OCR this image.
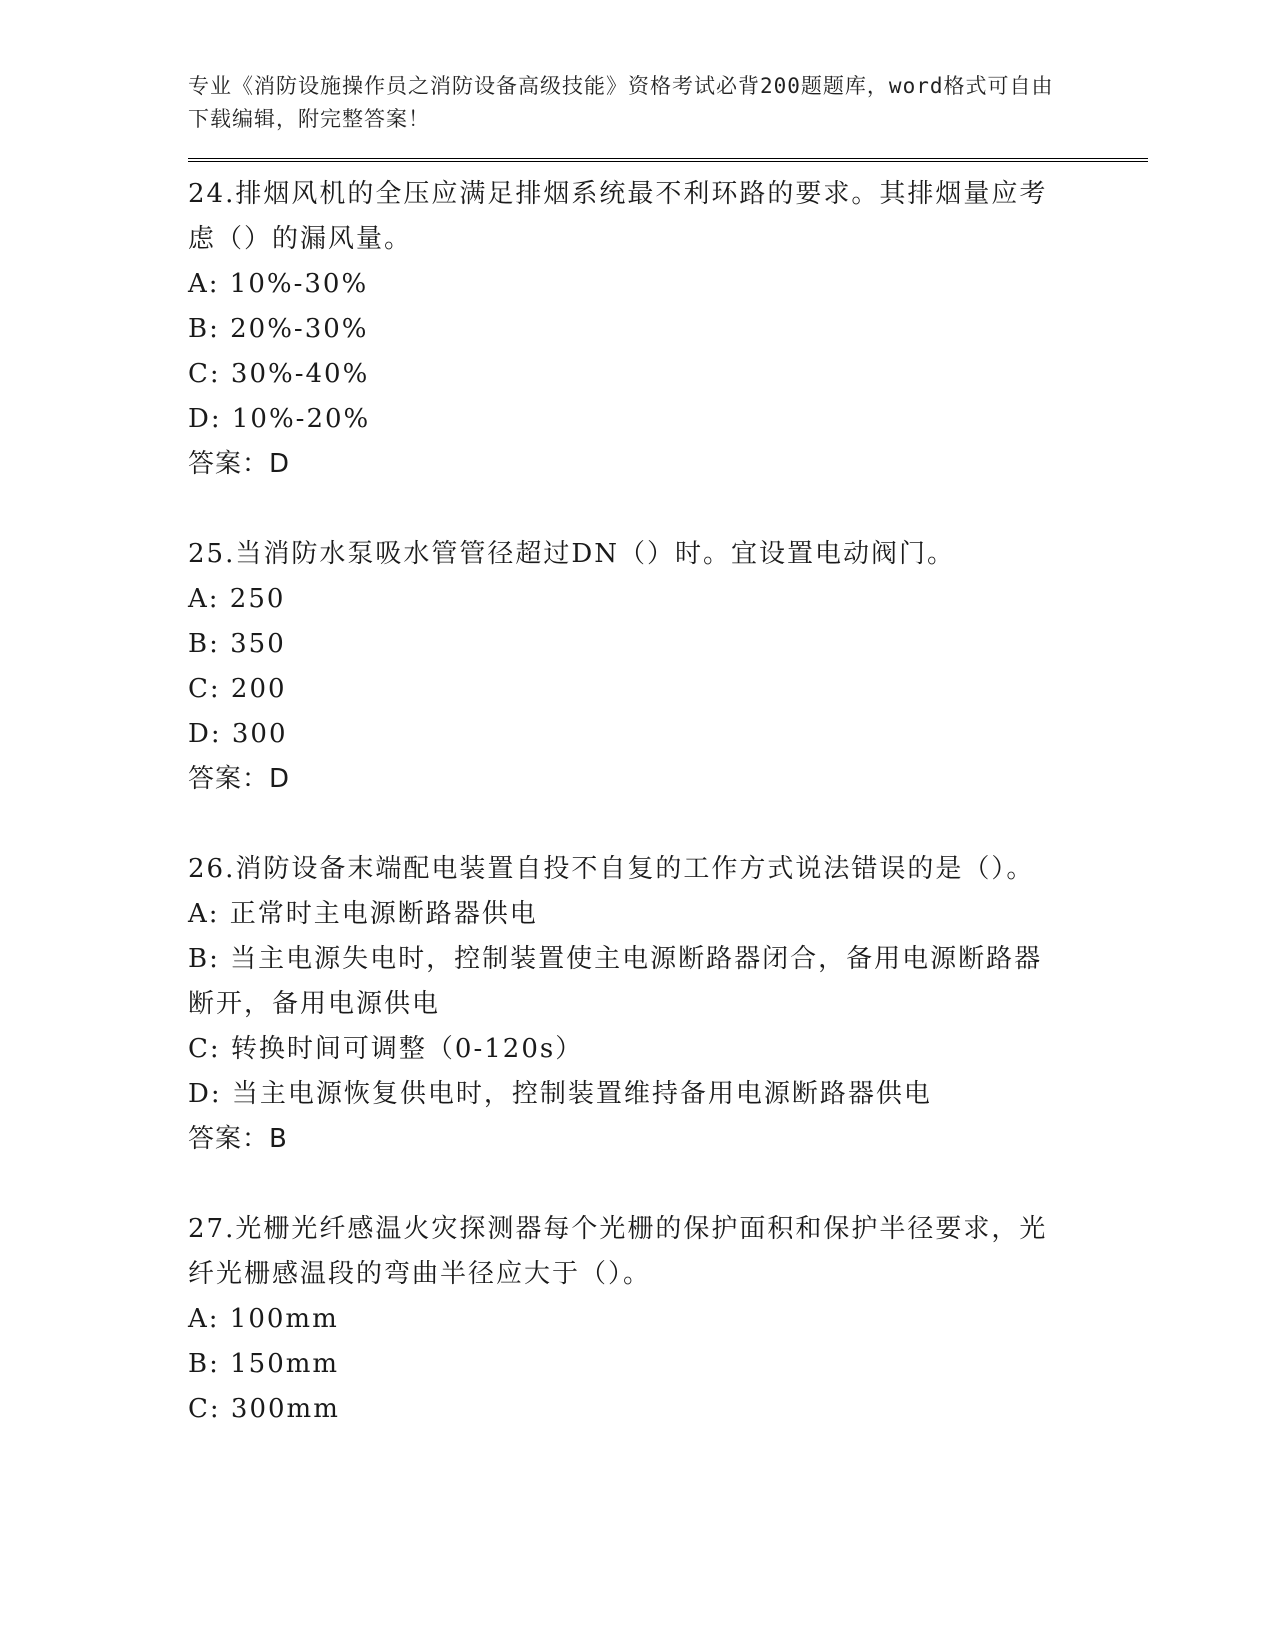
专业《消防设施操作员之消防设备高级技能》资格考试必背200题题库，word格式可自由下载编辑，附完整答案！
24.排烟风机的全压应满足排烟系统最不利环路的要求。其排烟量应考虑（）的漏风量。
A: 10%-30%
B: 20%-30%
C: 30%-40%
D: 10%-20%
答案：D
25.当消防水泵吸水管管径超过DN（）时。宜设置电动阀门。
A: 250
B: 350
C: 200
D: 300
答案：D
26.消防设备末端配电装置自投不自复的工作方式说法错误的是（）。
A: 正常时主电源断路器供电
B: 当主电源失电时，控制装置使主电源断路器闭合，备用电源断路器断开，备用电源供电
C: 转换时间可调整（0-120s）
D: 当主电源恢复供电时，控制装置维持备用电源断路器供电
答案：B
27.光栅光纤感温火灾探测器每个光栅的保护面积和保护半径要求，光纤光栅感温段的弯曲半径应大于（）。
A: 100mm
B: 150mm
C: 300mm
